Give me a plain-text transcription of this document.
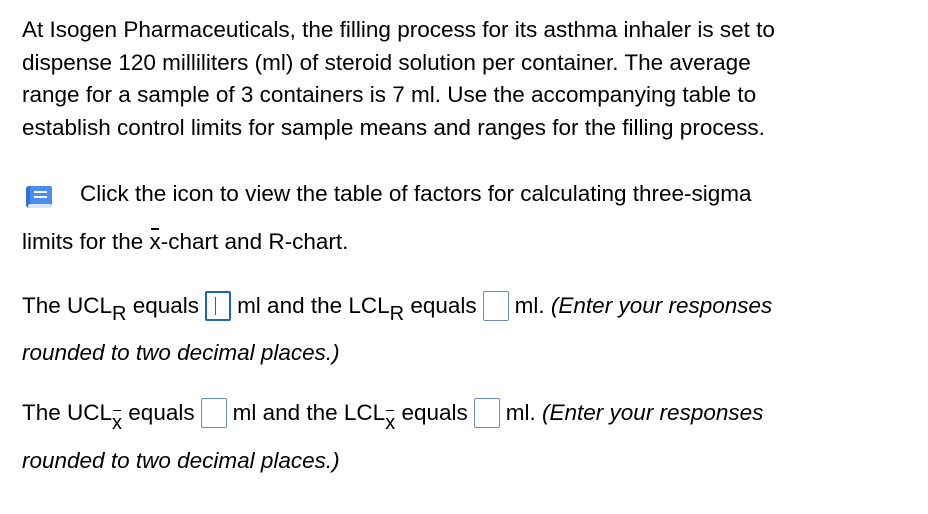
At Isogen Pharmaceuticals, the filling process for its asthma inhaler is set to
dispense 120 milliliters (ml) of steroid solution per container. The average
range for a sample of 3 containers is 7 ml. Use the accompanying table to
establish control limits for sample means and ranges for the filling process.
Click the icon to view the table of factors for calculating three-sigma
limits for the x-chart and R-chart.
The UCLR equals ml and the LCLR equals ml. (Enter your responses
rounded to two decimal places.)
The UCLx equals ml and the LCLx equals ml. (Enter your responses
rounded to two decimal places.)
